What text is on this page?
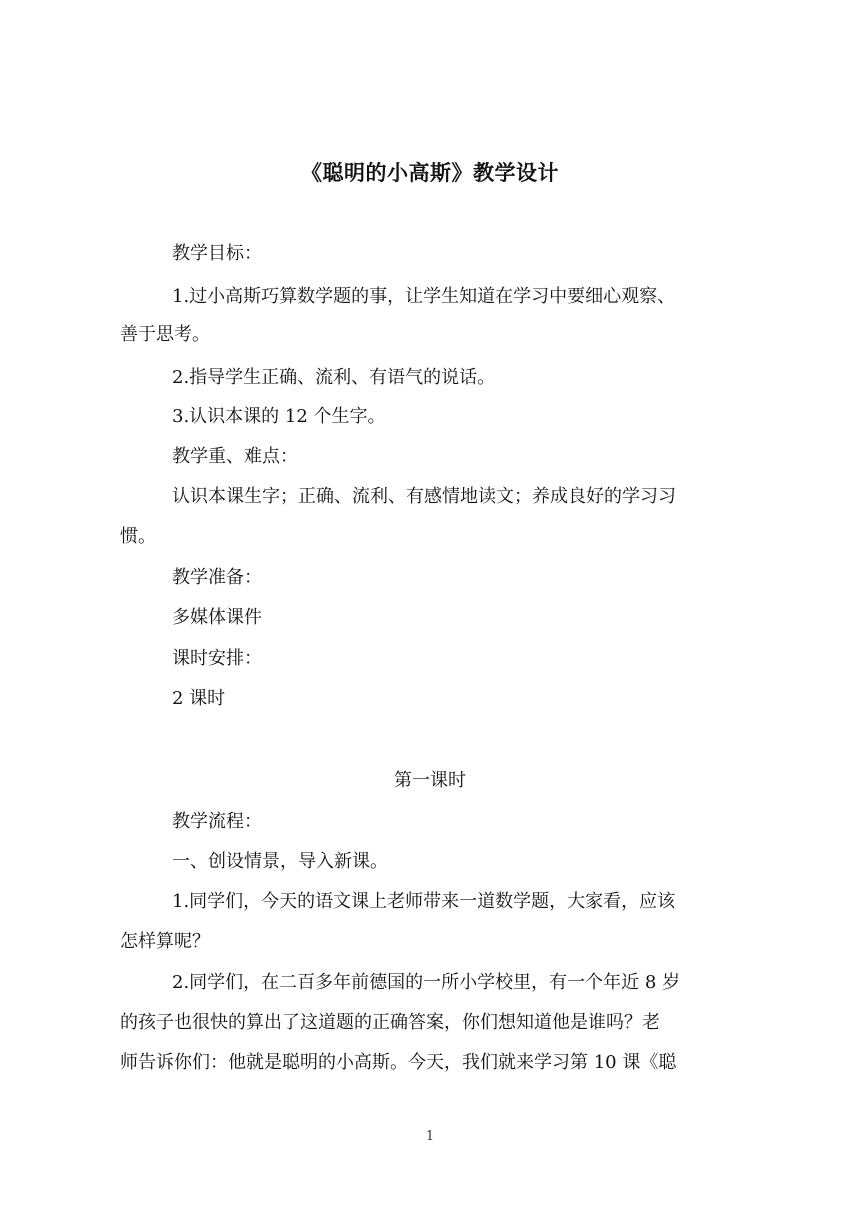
《聪明的小高斯》教学设计
教学目标：
1.过小高斯巧算数学题的事，让学生知道在学习中要细心观察、
善于思考。
2.指导学生正确、流利、有语气的说话。
3.认识本课的 12 个生字。
教学重、难点：
认识本课生字；正确、流利、有感情地读文；养成良好的学习习
惯。
教学准备：
多媒体课件
课时安排：
2 课时
第一课时
教学流程：
一、创设情景，导入新课。
1.同学们，今天的语文课上老师带来一道数学题，大家看，应该
怎样算呢？
2.同学们，在二百多年前德国的一所小学校里，有一个年近 8 岁
的孩子也很快的算出了这道题的正确答案，你们想知道他是谁吗？老
师告诉你们：他就是聪明的小高斯。今天，我们就来学习第 10 课《聪
1
